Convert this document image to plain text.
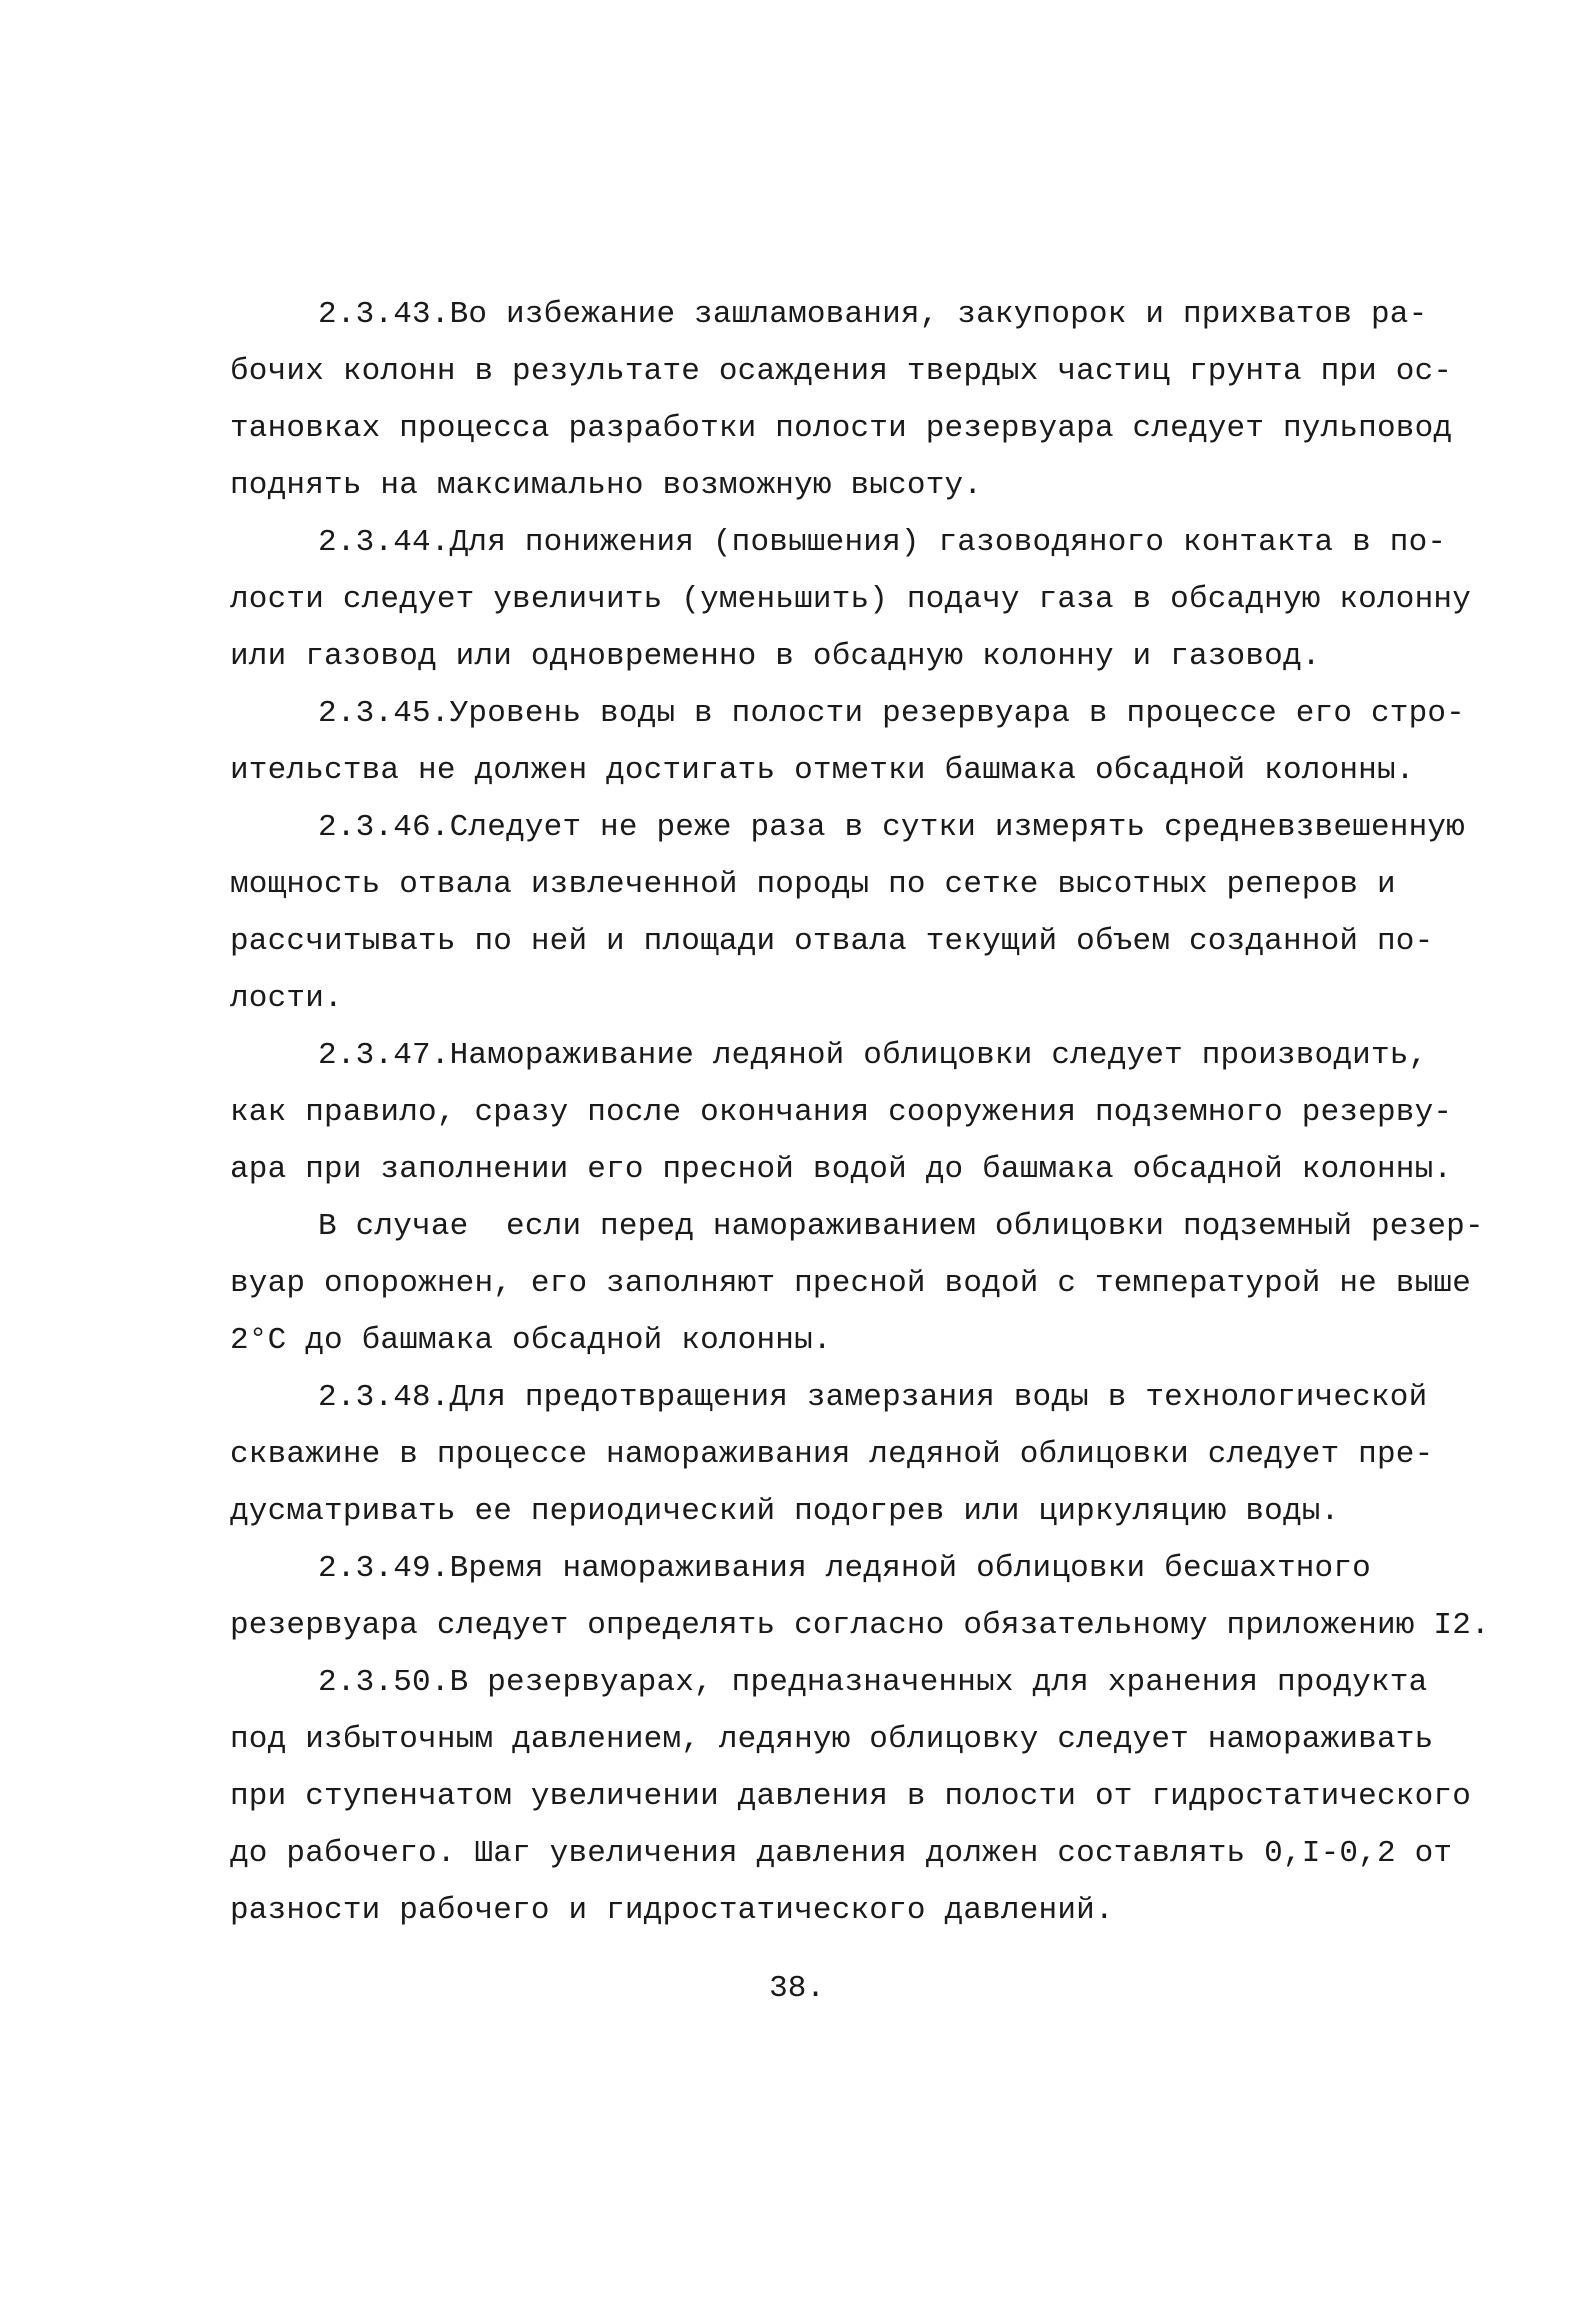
2.3.43.Во избежание зашламования, закупорок и прихватов ра-
бочих колонн в результате осаждения твердых частиц грунта при ос-
тановках процесса разработки полости резервуара следует пульповод
поднять на максимально возможную высоту.
2.3.44.Для понижения (повышения) газоводяного контакта в по-
лости следует увеличить (уменьшить) подачу газа в обсадную колонну
или газовод или одновременно в обсадную колонну и газовод.
2.3.45.Уровень воды в полости резервуара в процессе его стро-
ительства не должен достигать отметки башмака обсадной колонны.
2.3.46.Следует не реже раза в сутки измерять средневзвешенную
мощность отвала извлеченной породы по сетке высотных реперов и
рассчитывать по ней и площади отвала текущий объем созданной по-
лости.
2.3.47.Намораживание ледяной облицовки следует производить,
как правило, сразу после окончания сооружения подземного резерву-
ара при заполнении его пресной водой до башмака обсадной колонны.
В случае  если перед намораживанием облицовки подземный резер-
вуар опорожнен, его заполняют пресной водой с температурой не выше
2°С до башмака обсадной колонны.
2.3.48.Для предотвращения замерзания воды в технологической
скважине в процессе намораживания ледяной облицовки следует пре-
дусматривать ее периодический подогрев или циркуляцию воды.
2.3.49.Время намораживания ледяной облицовки бесшахтного
резервуара следует определять согласно обязательному приложению I2.
2.3.50.В резервуарах, предназначенных для хранения продукта
под избыточным давлением, ледяную облицовку следует намораживать
при ступенчатом увеличении давления в полости от гидростатического
до рабочего. Шаг увеличения давления должен составлять 0,I-0,2 от
разности рабочего и гидростатического давлений.
38.
